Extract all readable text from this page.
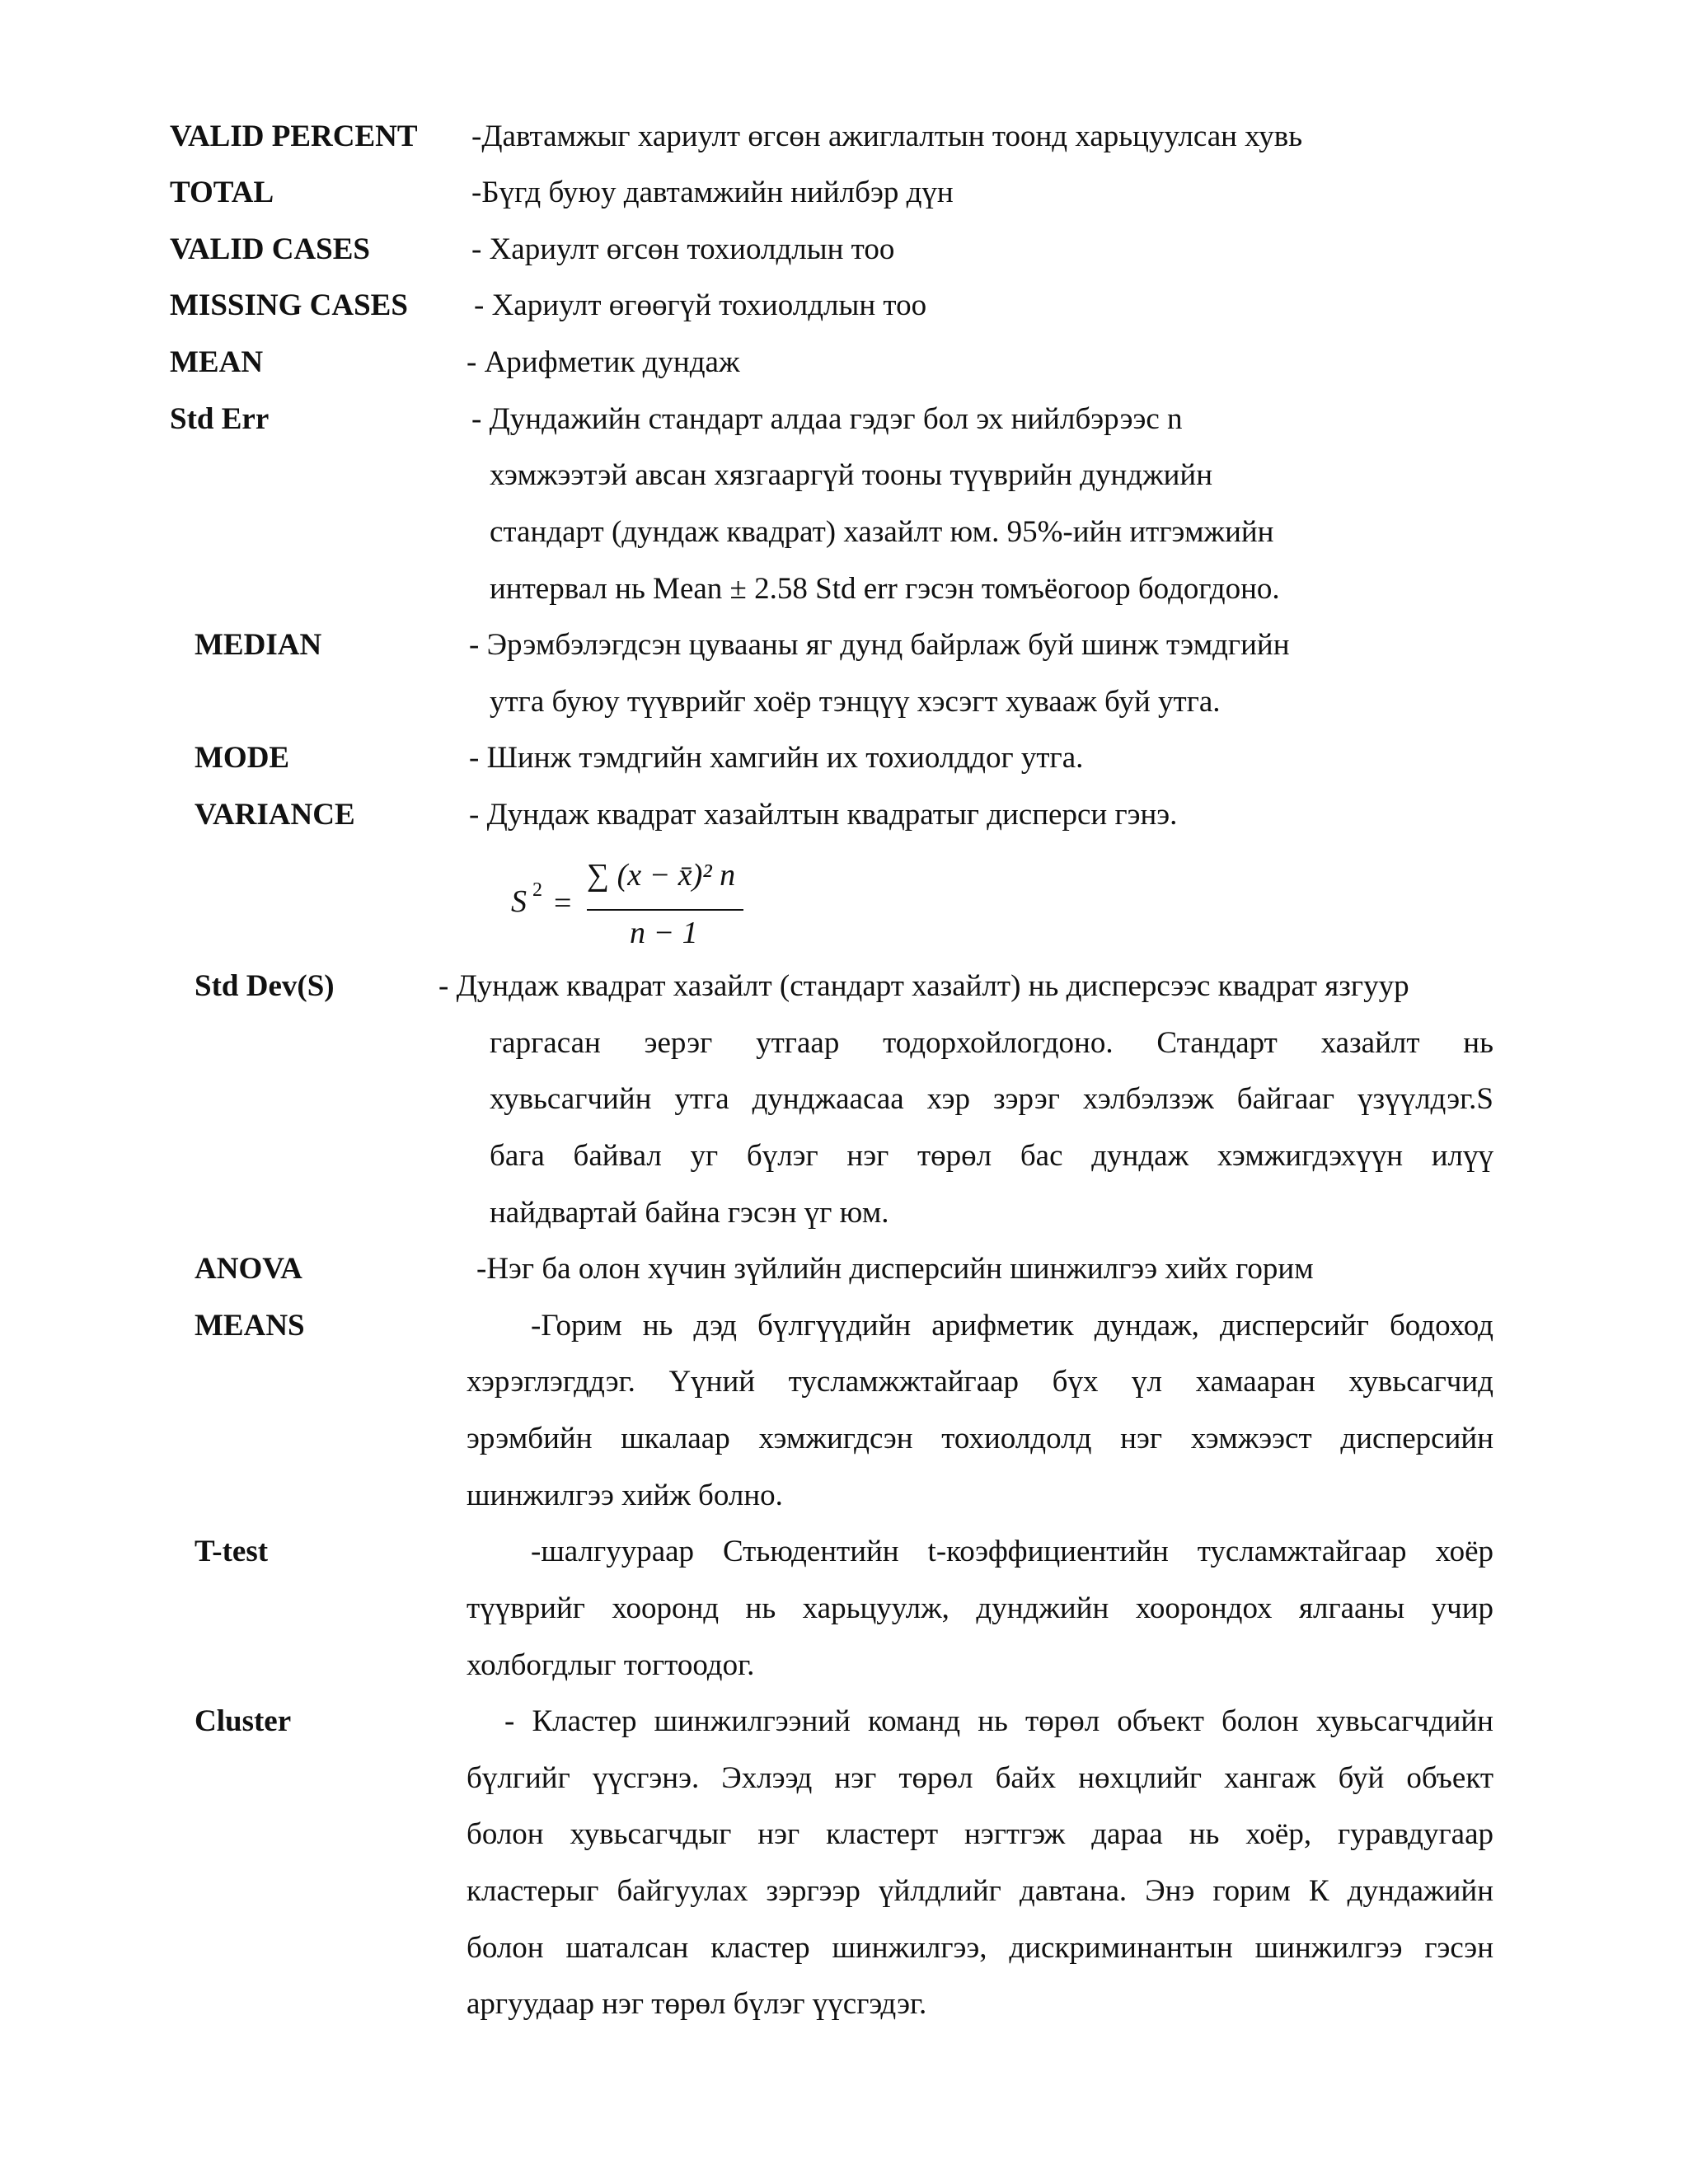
VALID PERCENT -Давтамжыг хариулт өгсөн ажиглалтын тоонд харьцуулсан хувь
TOTAL	-Бүгд буюу давтамжийн нийлбэр дүн
VALID CASES	- Хариулт өгсөн тохиолдлын тоо
MISSING CASES - Хариулт өгөөгүй тохиолдлын тоо
MEAN	- Арифметик дундаж
Std Err	- Дундажийн стандарт алдаа гэдэг бол эх нийлбэрээс n
хэмжээтэй авсан хязгааргүй тооны түүврийн дунджийн
стандарт (дундаж квадрат) хазайлт юм. 95%-ийн итгэмжийн
интервал нь Mean ± 2.58 Std err гэсэн томъёогоор бодогдоно.
MEDIAN	- Эрэмбэлэгдсэн цувааны яг дунд байрлаж буй шинж тэмдгийн
утга буюу түүврийг хоёр тэнцүү хэсэгт хувааж буй утга.
MODE	- Шинж тэмдгийн хамгийн их тохиолддог утга.
VARIANCE	- Дундаж квадрат хазайлтын квадратыг дисперси гэнэ.
S 2 =
∑ (x − x̄)² n
n − 1
Std Dev(S)	- Дундаж квадрат хазайлт (стандарт хазайлт) нь дисперсээс квадрат язгуур
гаргасан эерэг утгаар тодорхойлогдоно. Стандарт хазайлт нь
хувьсагчийн утга дунджаасаа хэр зэрэг хэлбэлзэж байгааг үзүүлдэг.S
бага байвал уг бүлэг нэг төрөл бас дундаж хэмжигдэхүүн илүү
найдвартай байна гэсэн үг юм.
ANOVA	-Нэг ба олон хүчин зүйлийн дисперсийн шинжилгээ хийх горим
MEANS	-Горим нь дэд бүлгүүдийн арифметик дундаж, дисперсийг бодоход
хэрэглэгддэг. Үүний тусламжжтайгаар бүх үл хамааран хувьсагчид
эрэмбийн шкалаар хэмжигдсэн тохиолдолд нэг хэмжээст дисперсийн
шинжилгээ хийж болно.
T-test	-шалгуураар Стьюдентийн t-коэффициентийн тусламжтайгаар хоёр
түүврийг хооронд нь харьцуулж, дунджийн хоорондох ялгааны учир
холбогдлыг тогтоодог.
Cluster	- Кластер шинжилгээний команд нь төрөл объект болон хувьсагчдийн
бүлгийг үүсгэнэ. Эхлээд нэг төрөл байх нөхцлийг хангаж буй объект
болон хувьсагчдыг нэг кластерт нэгтгэж дараа нь хоёр, гуравдугаар
кластерыг байгуулах зэргээр үйлдлийг давтана. Энэ горим К дундажийн
болон шаталсан кластер шинжилгээ, дискриминантын шинжилгээ гэсэн
аргуудаар нэг төрөл бүлэг үүсгэдэг.
